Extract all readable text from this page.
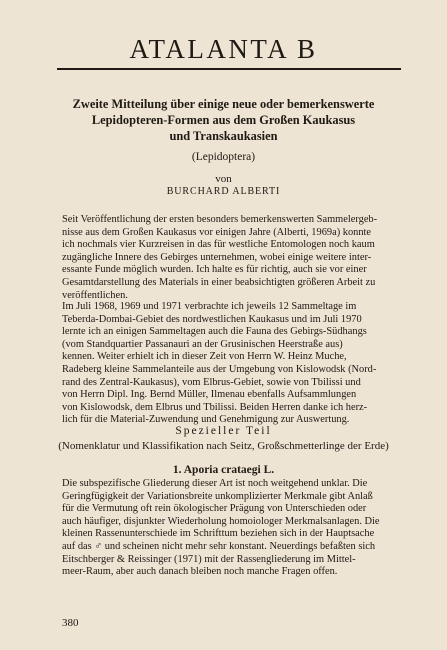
ATALANTA B
Zweite Mitteilung über einige neue oder bemerkenswerte
Lepidopteren-Formen aus dem Großen Kaukasus
und Transkaukasien
(Lepidoptera)
von
BURCHARD ALBERTI
Seit Veröffentlichung der ersten besonders bemerkenswerten Sammelergeb-
nisse aus dem Großen Kaukasus vor einigen Jahre (Alberti, 1969a) konnte
ich nochmals vier Kurzreisen in das für westliche Entomologen noch kaum
zugängliche Innere des Gebirges unternehmen, wobei einige weitere inter-
essante Funde möglich wurden. Ich halte es für richtig, auch sie vor einer
Gesamtdarstellung des Materials in einer beabsichtigten größeren Arbeit zu
veröffentlichen.
Im Juli 1968, 1969 und 1971 verbrachte ich jeweils 12 Sammeltage im
Teberda-Dombai-Gebiet des nordwestlichen Kaukasus und im Juli 1970
lernte ich an einigen Sammeltagen auch die Fauna des Gebirgs-Südhangs
(vom Standquartier Passanauri an der Grusinischen Heerstraße aus)
kennen. Weiter erhielt ich in dieser Zeit von Herrn W. Heinz Muche,
Radeberg kleine Sammelanteile aus der Umgebung von Kislowodsk (Nord-
rand des Zentral-Kaukasus), vom Elbrus-Gebiet, sowie von Tbilissi und
von Herrn Dipl. Ing. Bernd Müller, Ilmenau ebenfalls Aufsammlungen
von Kislowodsk, dem Elbrus und Tbilissi. Beiden Herren danke ich herz-
lich für die Material-Zuwendung und Genehmigung zur Auswertung.
Spezieller Teil
(Nomenklatur und Klassifikation nach Seitz, Großschmetterlinge der Erde)
1. Aporia crataegi L.
Die subspezifische Gliederung dieser Art ist noch weitgehend unklar. Die
Geringfügigkeit der Variationsbreite unkomplizierter Merkmale gibt Anlaß
für die Vermutung oft rein ökologischer Prägung von Unterschieden oder
auch häufiger, disjunkter Wiederholung homoiologer Merkmalsanlagen. Die
kleinen Rassenunterschiede im Schrifttum beziehen sich in der Hauptsache
auf das ♂ und scheinen nicht mehr sehr konstant. Neuerdings befaßten sich
Eitschberger & Reissinger (1971) mit der Rassengliederung im Mittel-
meer-Raum, aber auch danach bleiben noch manche Fragen offen.
380
